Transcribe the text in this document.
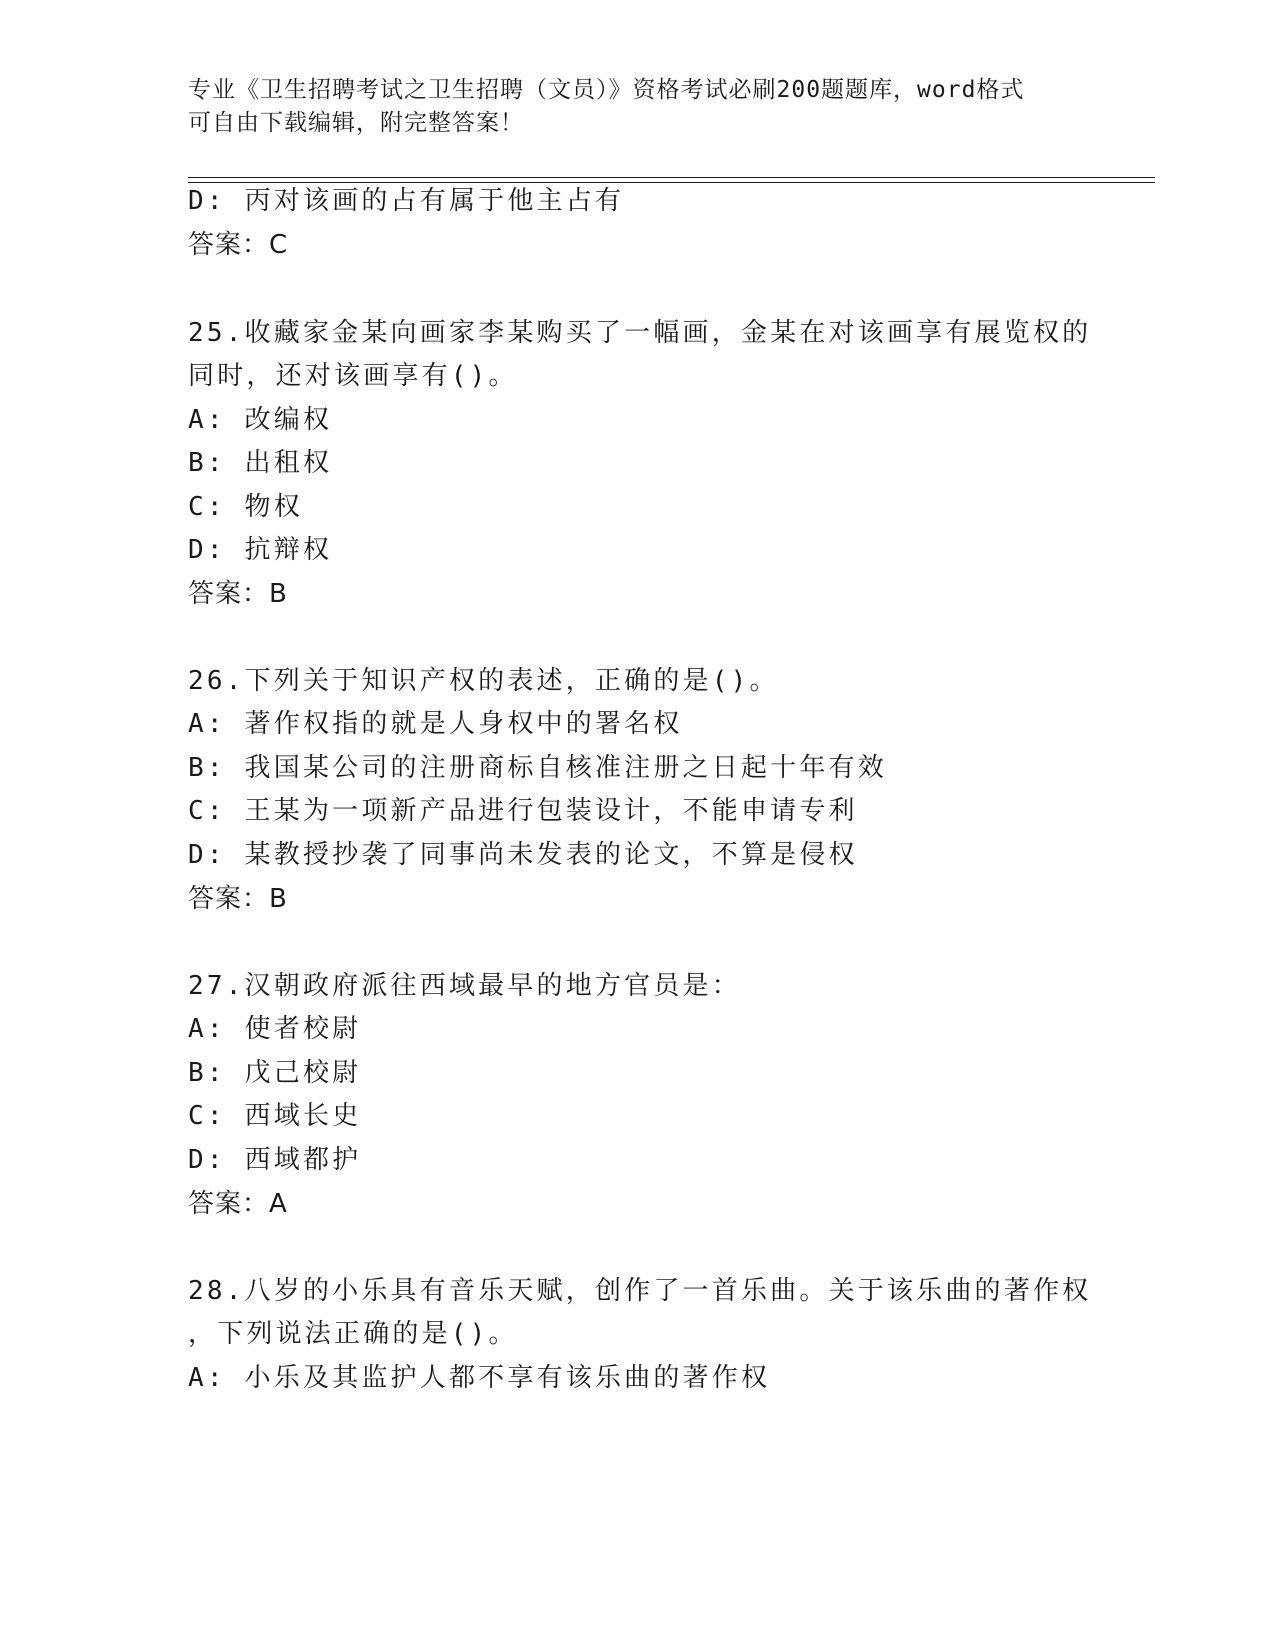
专业《卫生招聘考试之卫生招聘（文员）》资格考试必刷200题题库，word格式
可自由下载编辑，附完整答案！
D: 丙对该画的占有属于他主占有
答案：C
25.收藏家金某向画家李某购买了一幅画，金某在对该画享有展览权的
同时，还对该画享有()。
A: 改编权
B: 出租权
C: 物权
D: 抗辩权
答案：B
26.下列关于知识产权的表述，正确的是()。
A: 著作权指的就是人身权中的署名权
B: 我国某公司的注册商标自核准注册之日起十年有效
C: 王某为一项新产品进行包装设计，不能申请专利
D: 某教授抄袭了同事尚未发表的论文，不算是侵权
答案：B
27.汉朝政府派往西域最早的地方官员是：
A: 使者校尉
B: 戊己校尉
C: 西域长史
D: 西域都护
答案：A
28.八岁的小乐具有音乐天赋，创作了一首乐曲。关于该乐曲的著作权
，下列说法正确的是()。
A: 小乐及其监护人都不享有该乐曲的著作权
